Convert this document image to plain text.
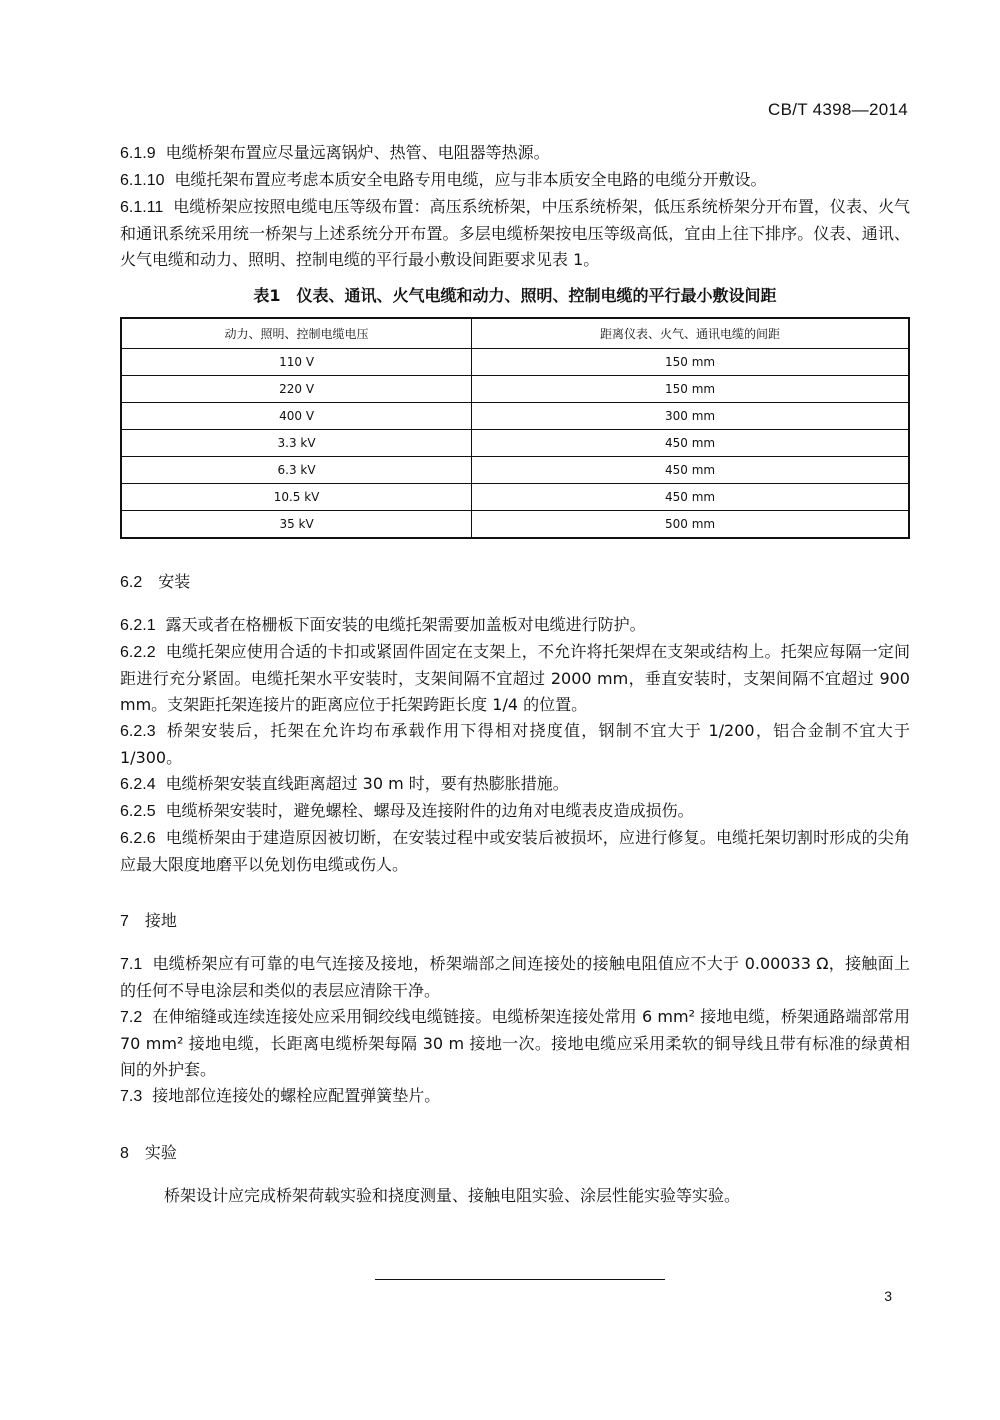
CB/T 4398—2014

6.1.9 电缆桥架布置应尽量远离锅炉、热管、电阻器等热源。

6.1.10 电缆托架布置应考虑本质安全电路专用电缆，应与非本质安全电路的电缆分开敷设。

6.1.11 电缆桥架应按照电缆电压等级布置：高压系统桥架，中压系统桥架，低压系统桥架分开布置，仪表、火气和通讯系统采用统一桥架与上述系统分开布置。多层电缆桥架按电压等级高低，宜由上往下排序。仪表、通讯、火气电缆和动力、照明、控制电缆的平行最小敷设间距要求见表 1。

表1　仪表、通讯、火气电缆和动力、照明、控制电缆的平行最小敷设间距
动力、照明、控制电缆电压	距离仪表、火气、通讯电缆的间距
110 V	150 mm
220 V	150 mm
400 V	300 mm
3.3 kV	450 mm
6.3 kV	450 mm
10.5 kV	450 mm
35 kV	500 mm
6.2 安装

6.2.1 露天或者在格栅板下面安装的电缆托架需要加盖板对电缆进行防护。

6.2.2 电缆托架应使用合适的卡扣或紧固件固定在支架上，不允许将托架焊在支架或结构上。托架应每隔一定间距进行充分紧固。电缆托架水平安装时，支架间隔不宜超过 2000 mm，垂直安装时，支架间隔不宜超过 900 mm。支架距托架连接片的距离应位于托架跨距长度 1/4 的位置。

6.2.3 桥架安装后，托架在允许均布承载作用下得相对挠度值，钢制不宜大于 1/200，铝合金制不宜大于 1/300。

6.2.4 电缆桥架安装直线距离超过 30 m 时，要有热膨胀措施。

6.2.5 电缆桥架安装时，避免螺栓、螺母及连接附件的边角对电缆表皮造成损伤。

6.2.6 电缆桥架由于建造原因被切断，在安装过程中或安装后被损坏，应进行修复。电缆托架切割时形成的尖角应最大限度地磨平以免划伤电缆或伤人。

7 接地

7.1 电缆桥架应有可靠的电气连接及接地，桥架端部之间连接处的接触电阻值应不大于 0.00033 Ω，接触面上的任何不导电涂层和类似的表层应清除干净。

7.2 在伸缩缝或连续连接处应采用铜绞线电缆链接。电缆桥架连接处常用 6 mm² 接地电缆，桥架通路端部常用 70 mm² 接地电缆，长距离电缆桥架每隔 30 m 接地一次。接地电缆应采用柔软的铜导线且带有标准的绿黄相间的外护套。

7.3 接地部位连接处的螺栓应配置弹簧垫片。

8 实验

桥架设计应完成桥架荷载实验和挠度测量、接触电阻实验、涂层性能实验等实验。

3
